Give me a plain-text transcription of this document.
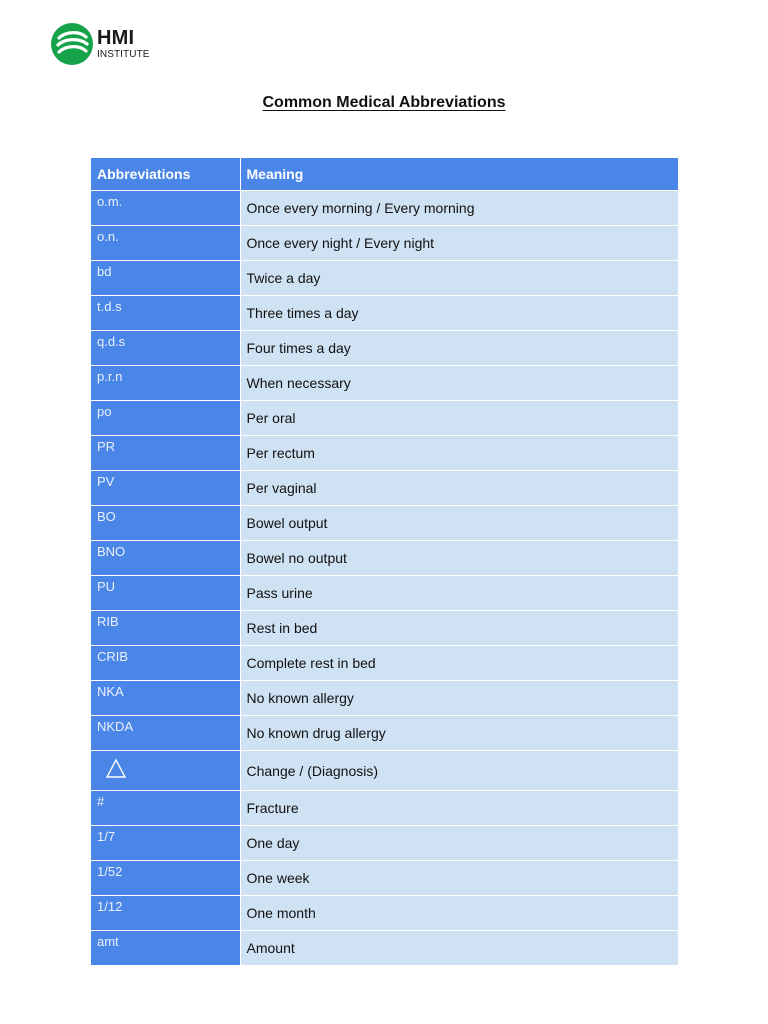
HMI
INSTITUTE
Common Medical Abbreviations
Abbreviations	Meaning
o.m.	Once every morning / Every morning
o.n.	Once every night / Every night
bd	Twice a day
t.d.s	Three times a day
q.d.s	Four times a day
p.r.n	When necessary
po	Per oral
PR	Per rectum
PV	Per vaginal
BO	Bowel output
BNO	Bowel no output
PU	Pass urine
RIB	Rest in bed
CRIB	Complete rest in bed
NKA	No known allergy
NKDA	No known drug allergy
	Change / (Diagnosis)
#	Fracture
1/7	One day
1/52	One week
1/12	One month
amt	Amount
